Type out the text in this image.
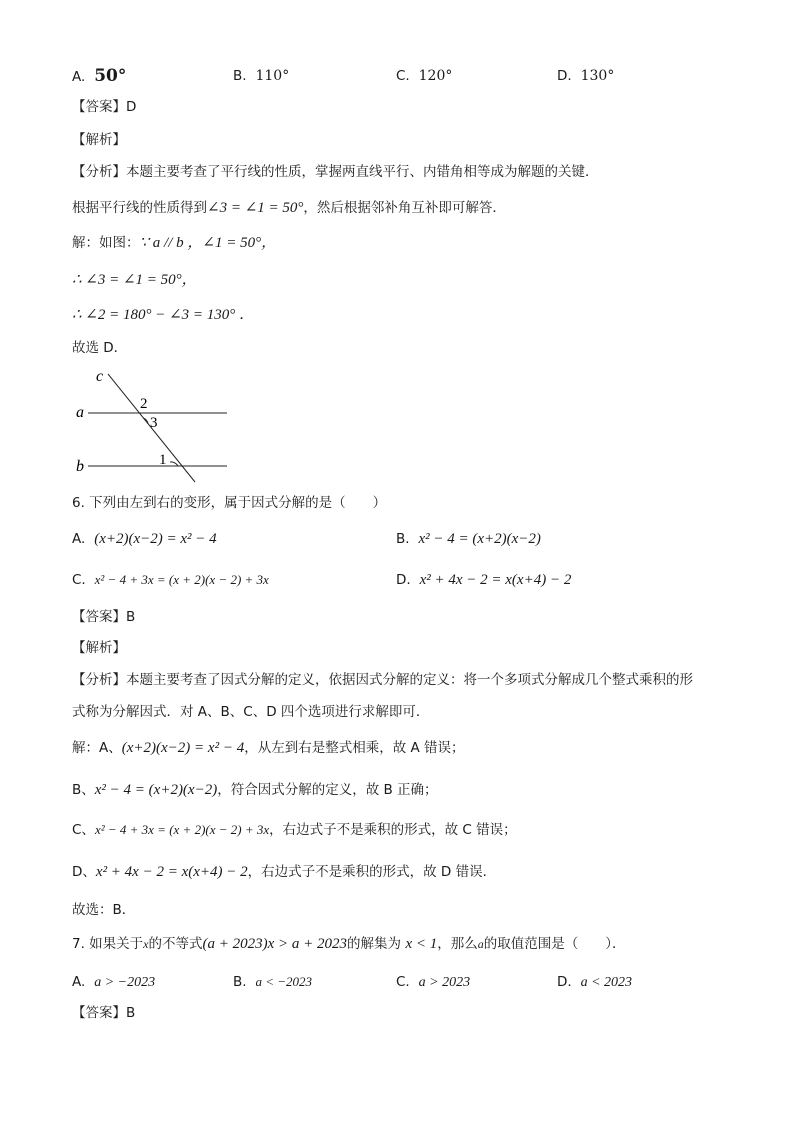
A. 50°	B. 110°	C. 120°	D. 130°
【答案】D
【解析】
【分析】本题主要考查了平行线的性质，掌握两直线平行、内错角相等成为解题的关键．
根据平行线的性质得到∠3 = ∠1 = 50°，然后根据邻补角互补即可解答．
解：如图：∵ a // b ，∠1 = 50°，
∴ ∠3 = ∠1 = 50°，
∴ ∠2 = 180° − ∠3 = 130° ．
故选 D．
c
a
b
2
3
1
6. 下列由左到右的变形，属于因式分解的是（　　）
A. (x+2)(x−2) = x² − 4	B. x² − 4 = (x+2)(x−2)
C. x² − 4 + 3x = (x + 2)(x − 2) + 3x	D. x² + 4x − 2 = x(x+4) − 2
【答案】B
【解析】
【分析】本题主要考查了因式分解的定义，依据因式分解的定义：将一个多项式分解成几个整式乘积的形
式称为分解因式．对 A、B、C、D 四个选项进行求解即可．
解：A、(x+2)(x−2) = x² − 4，从左到右是整式相乘，故 A 错误；
B、x² − 4 = (x+2)(x−2)，符合因式分解的定义，故 B 正确；
C、x² − 4 + 3x = (x + 2)(x − 2) + 3x，右边式子不是乘积的形式，故 C 错误；
D、x² + 4x − 2 = x(x+4) − 2，右边式子不是乘积的形式，故 D 错误．
故选：B．
7. 如果关于x的不等式(a + 2023)x > a + 2023的解集为 x < 1，那么a的取值范围是（　　）．
A. a > −2023	B. a < −2023	C. a > 2023	D. a < 2023
【答案】B
